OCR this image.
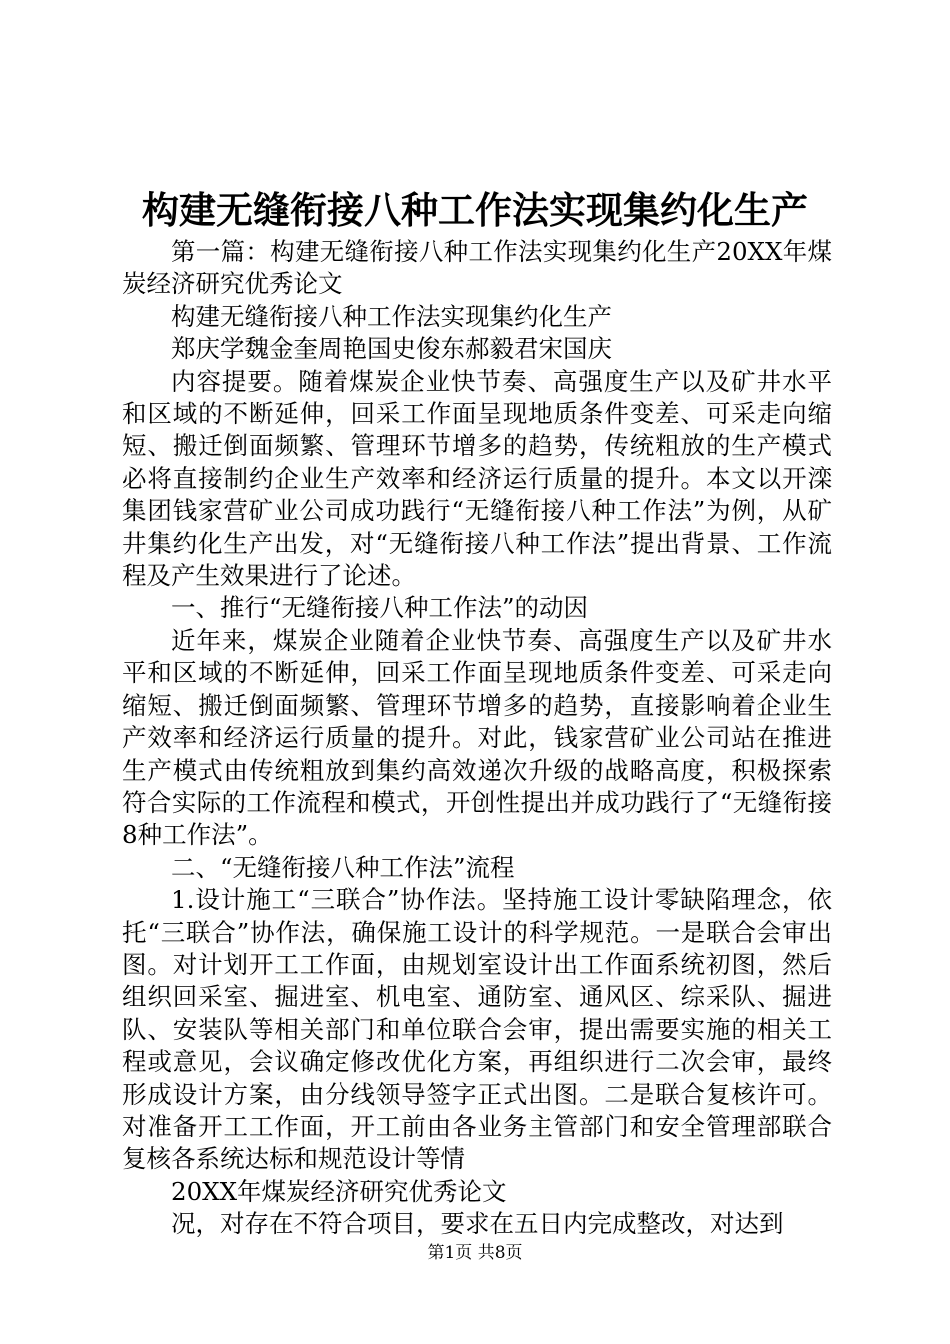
构建无缝衔接八种工作法实现集约化生产

第一篇：构建无缝衔接八种工作法实现集约化生产20XX年煤炭经济研究优秀论文

构建无缝衔接八种工作法实现集约化生产

郑庆学魏金奎周艳国史俊东郝毅君宋国庆

内容提要。随着煤炭企业快节奏、高强度生产以及矿井水平和区域的不断延伸，回采工作面呈现地质条件变差、可采走向缩短、搬迁倒面频繁、管理环节增多的趋势，传统粗放的生产模式必将直接制约企业生产效率和经济运行质量的提升。本文以开滦集团钱家营矿业公司成功践行“无缝衔接八种工作法”为例，从矿井集约化生产出发，对“无缝衔接八种工作法”提出背景、工作流程及产生效果进行了论述。

一、推行“无缝衔接八种工作法”的动因

近年来，煤炭企业随着企业快节奏、高强度生产以及矿井水平和区域的不断延伸，回采工作面呈现地质条件变差、可采走向缩短、搬迁倒面频繁、管理环节增多的趋势，直接影响着企业生产效率和经济运行质量的提升。对此，钱家营矿业公司站在推进生产模式由传统粗放到集约高效递次升级的战略高度，积极探索符合实际的工作流程和模式，开创性提出并成功践行了“无缝衔接8种工作法”。

二、“无缝衔接八种工作法”流程

1.设计施工“三联合”协作法。坚持施工设计零缺陷理念，依托“三联合”协作法，确保施工设计的科学规范。一是联合会审出图。对计划开工工作面，由规划室设计出工作面系统初图，然后组织回采室、掘进室、机电室、通防室、通风区、综采队、掘进队、安装队等相关部门和单位联合会审，提出需要实施的相关工程或意见，会议确定修改优化方案，再组织进行二次会审，最终形成设计方案，由分线领导签字正式出图。二是联合复核许可。对准备开工工作面，开工前由各业务主管部门和安全管理部联合复核各系统达标和规范设计等情

20XX年煤炭经济研究优秀论文

况，对存在不符合项目，要求在五日内完成整改，对达到

第1页 共8页
